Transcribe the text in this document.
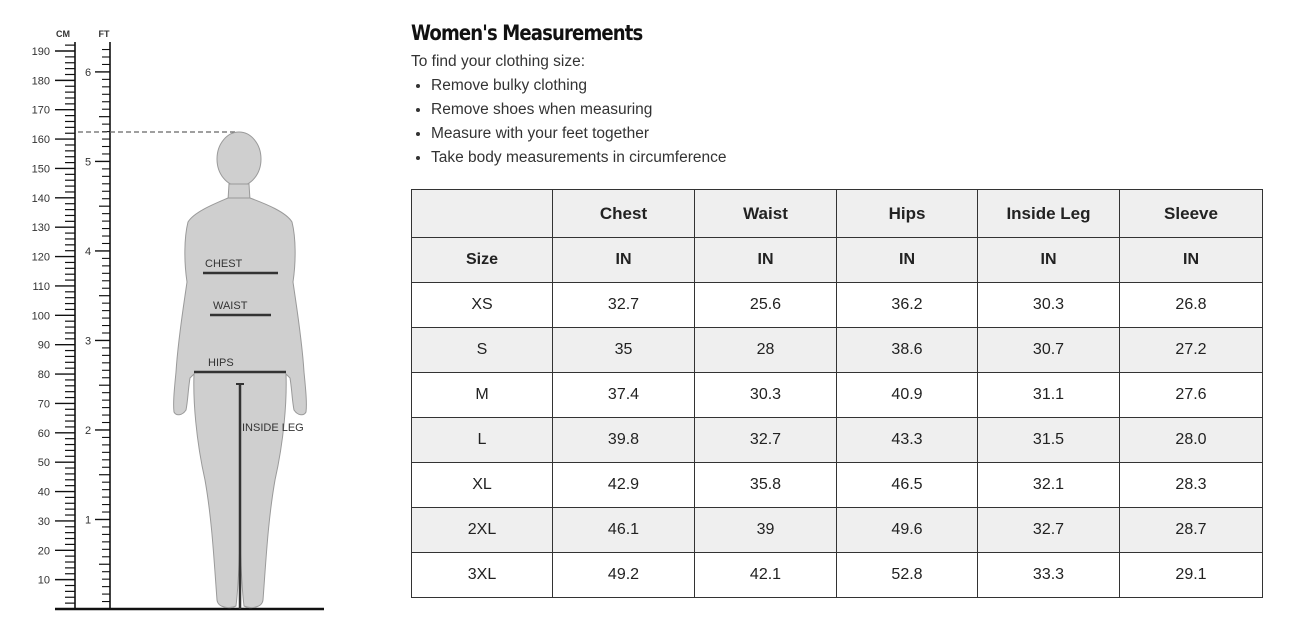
CM	FT
190
180
170
160
150
140
130
120
110
100
90
80
70
60
50
40
30
20
10
6
5
4
3
2
1
CHEST
WAIST
HIPS
INSIDE LEG
Women's Measurements

To find your clothing size:

• Remove bulky clothing
• Remove shoes when measuring
• Measure with your feet together
• Take body measurements in circumference
	Chest	Waist	Hips	Inside Leg	Sleeve
Size	IN	IN	IN	IN	IN
XS	32.7	25.6	36.2	30.3	26.8
S	35	28	38.6	30.7	27.2
M	37.4	30.3	40.9	31.1	27.6
L	39.8	32.7	43.3	31.5	28.0
XL	42.9	35.8	46.5	32.1	28.3
2XL	46.1	39	49.6	32.7	28.7
3XL	49.2	42.1	52.8	33.3	29.1
